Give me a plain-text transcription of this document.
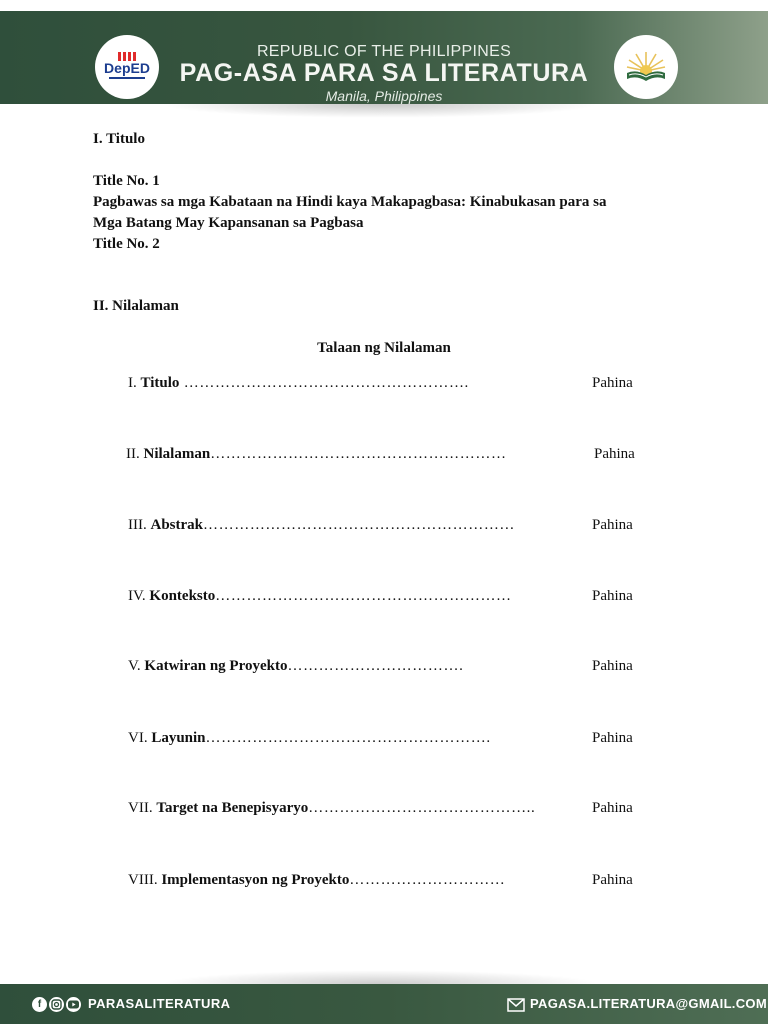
DepED
REPUBLIC OF THE PHILIPPINES
PAG-ASA PARA SA LITERATURA
Manila, Philippines
I. Titulo
Title No. 1
Pagbawas sa mga Kabataan na Hindi kaya Makapagbasa: Kinabukasan para sa
Mga Batang May Kapansanan sa Pagbasa
Title No. 2
II. Nilalaman
Talaan ng Nilalaman
I. Titulo ……………………………………………….	Pahina
II. Nilalaman…………………………………………………	Pahina
III. Abstrak……………………………………………………	Pahina
IV. Konteksto…………………………………………………	Pahina
V. Katwiran ng Proyekto…………………………….	Pahina
VI. Layunin……………………………………………….	Pahina
VII. Target na Benepisyaryo……………………………………..	Pahina
VIII. Implementasyon ng Proyekto…………………………	Pahina
f	PARASALITERATURA	PAGASA.LITERATURA@GMAIL.COM
